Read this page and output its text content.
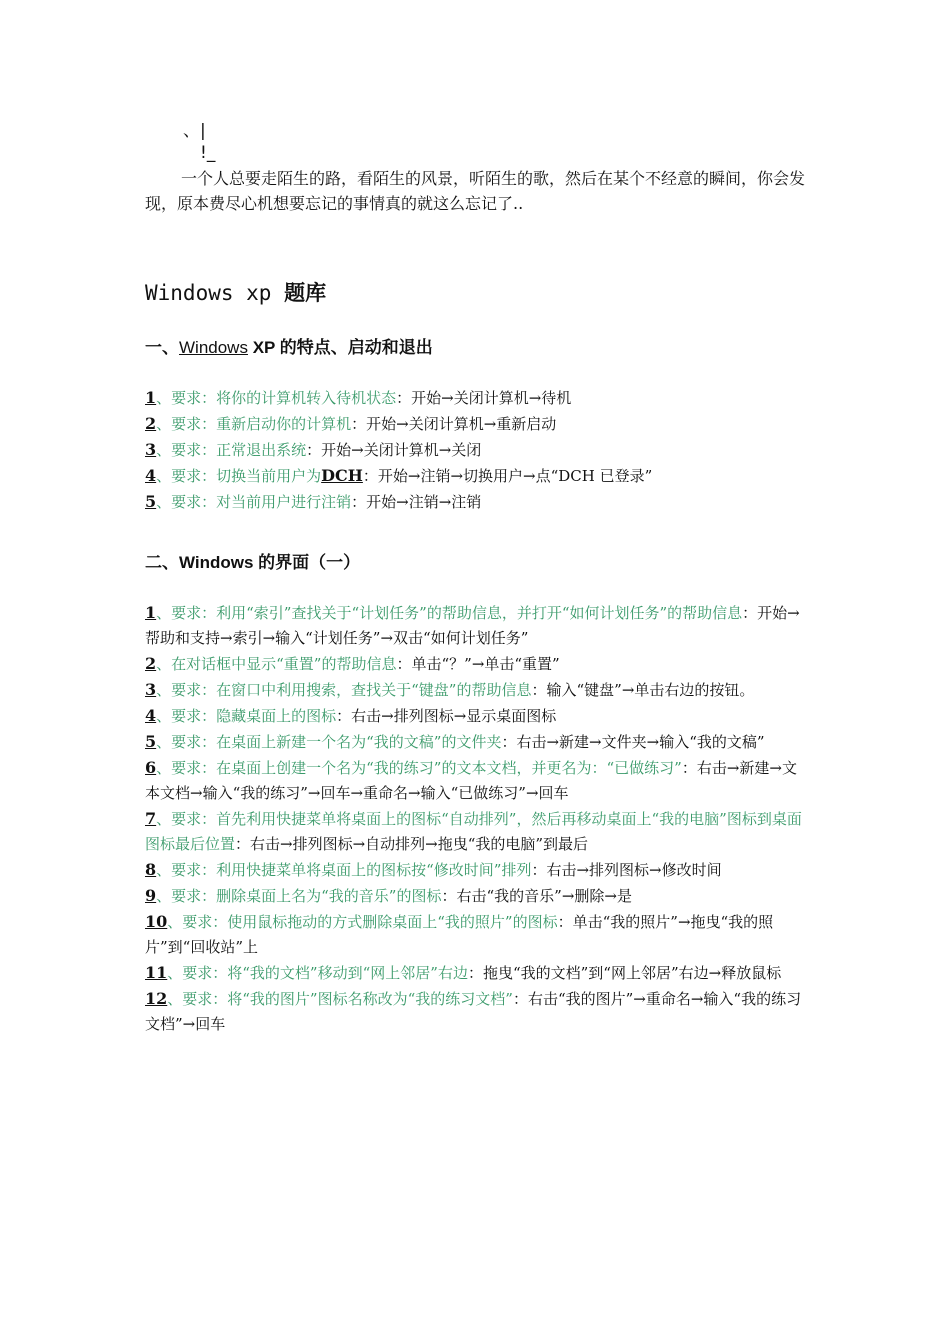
、|
!_

一个人总要走陌生的路，看陌生的风景，听陌生的歌，然后在某个不经意的瞬间，你会发现，原本费尽心机想要忘记的事情真的就这么忘记了..

Windows xp 题库
一、Windows XP 的特点、启动和退出
1、要求：将你的计算机转入待机状态：开始→关闭计算机→待机
2、要求：重新启动你的计算机：开始→关闭计算机→重新启动
3、要求：正常退出系统：开始→关闭计算机→关闭
4、要求：切换当前用户为DCH：开始→注销→切换用户→点“DCH 已登录”
5、要求：对当前用户进行注销：开始→注销→注销
二、Windows 的界面（一）
1、要求：利用“索引”查找关于“计划任务”的帮助信息，并打开“如何计划任务”的帮助信息：开始→帮助和支持→索引→输入“计划任务”→双击“如何计划任务”
2、在对话框中显示“重置”的帮助信息：单击“？”→单击“重置”
3、要求：在窗口中利用搜索，查找关于“键盘”的帮助信息：输入“键盘”→单击右边的按钮。
4、要求：隐藏桌面上的图标：右击→排列图标→显示桌面图标
5、要求：在桌面上新建一个名为“我的文稿”的文件夹：右击→新建→文件夹→输入“我的文稿”
6、要求：在桌面上创建一个名为“我的练习”的文本文档，并更名为：“已做练习”：右击→新建→文本文档→输入“我的练习”→回车→重命名→输入“已做练习”→回车
7、要求：首先利用快捷菜单将桌面上的图标“自动排列”，然后再移动桌面上“我的电脑”图标到桌面图标最后位置：右击→排列图标→自动排列→拖曳“我的电脑”到最后
8、要求：利用快捷菜单将桌面上的图标按“修改时间”排列：右击→排列图标→修改时间
9、要求：删除桌面上名为“我的音乐”的图标：右击“我的音乐”→删除→是
10、要求：使用鼠标拖动的方式删除桌面上“我的照片”的图标：单击“我的照片”→拖曳“我的照片”到“回收站”上
11、要求：将“我的文档”移动到“网上邻居”右边：拖曳“我的文档”到“网上邻居”右边→释放鼠标
12、要求：将“我的图片”图标名称改为“我的练习文档”：右击“我的图片”→重命名→输入“我的练习文档”→回车
